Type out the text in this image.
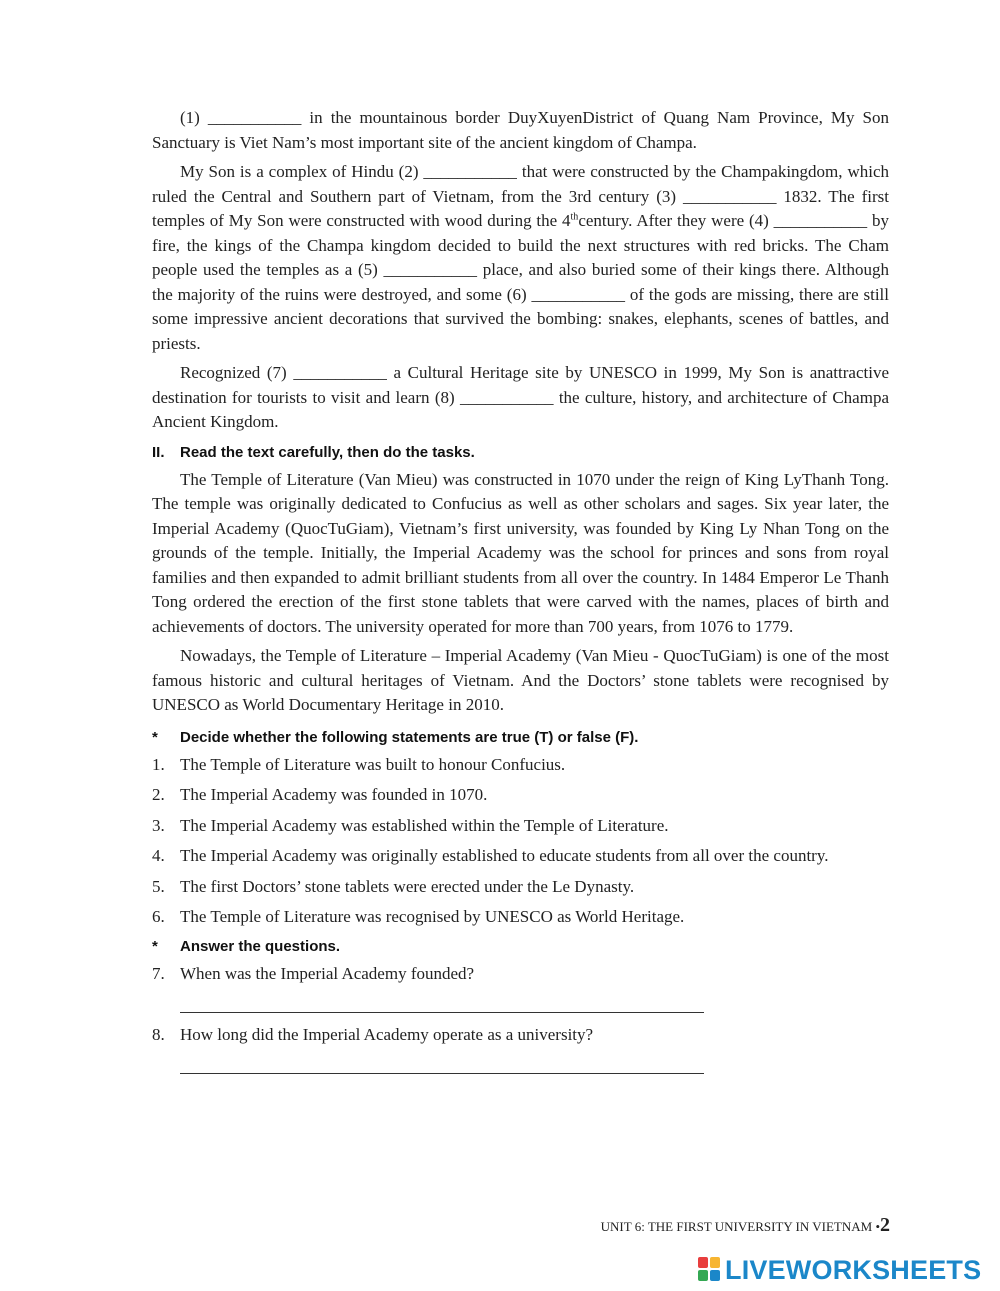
(1) ___________ in the mountainous border DuyXuyenDistrict of Quang Nam Province, My Son Sanctuary is Viet Nam’s most important site of the ancient kingdom of Champa.

My Son is a complex of Hindu (2) ___________ that were constructed by the Champakingdom, which ruled the Central and Southern part of Vietnam, from the 3rd century (3) ___________ 1832. The first temples of My Son were constructed with wood during the 4thcentury. After they were (4) ___________ by fire, the kings of the Champa kingdom decided to build the next structures with red bricks. The Cham people used the temples as a (5) ___________ place, and also buried some of their kings there. Although the majority of the ruins were destroyed, and some (6) ___________ of the gods are missing, there are still some impressive ancient decorations that survived the bombing: snakes, elephants, scenes of battles, and priests.

Recognized (7) ___________ a Cultural Heritage site by UNESCO in 1999, My Son is anattractive destination for tourists to visit and learn (8) ___________ the culture, history, and architecture of Champa Ancient Kingdom.

II. Read the text carefully, then do the tasks.

The Temple of Literature (Van Mieu) was constructed in 1070 under the reign of King LyThanh Tong. The temple was originally dedicated to Confucius as well as other scholars and sages. Six year later, the Imperial Academy (QuocTuGiam), Vietnam’s first university, was founded by King Ly Nhan Tong on the grounds of the temple. Initially, the Imperial Academy was the school for princes and sons from royal families and then expanded to admit brilliant students from all over the country. In 1484 Emperor Le Thanh Tong ordered the erection of the first stone tablets that were carved with the names, places of birth and achievements of doctors. The university operated for more than 700 years, from 1076 to 1779.

Nowadays, the Temple of Literature – Imperial Academy (Van Mieu - QuocTuGiam) is one of the most famous historic and cultural heritages of Vietnam. And the Doctors’ stone tablets were recognised by UNESCO as World Documentary Heritage in 2010.

* Decide whether the following statements are true (T) or false (F).
1. The Temple of Literature was built to honour Confucius.
2. The Imperial Academy was founded in 1070.
3. The Imperial Academy was established within the Temple of Literature.
4. The Imperial Academy was originally established to educate students from all over the country.
5. The first Doctors’ stone tablets were erected under the Le Dynasty.
6. The Temple of Literature was recognised by UNESCO as World Heritage.
* Answer the questions.
7. When was the Imperial Academy founded?
8. How long did the Imperial Academy operate as a university?
UNIT 6: THE FIRST UNIVERSITY IN VIETNAM •2
LIVEWORKSHEETS
